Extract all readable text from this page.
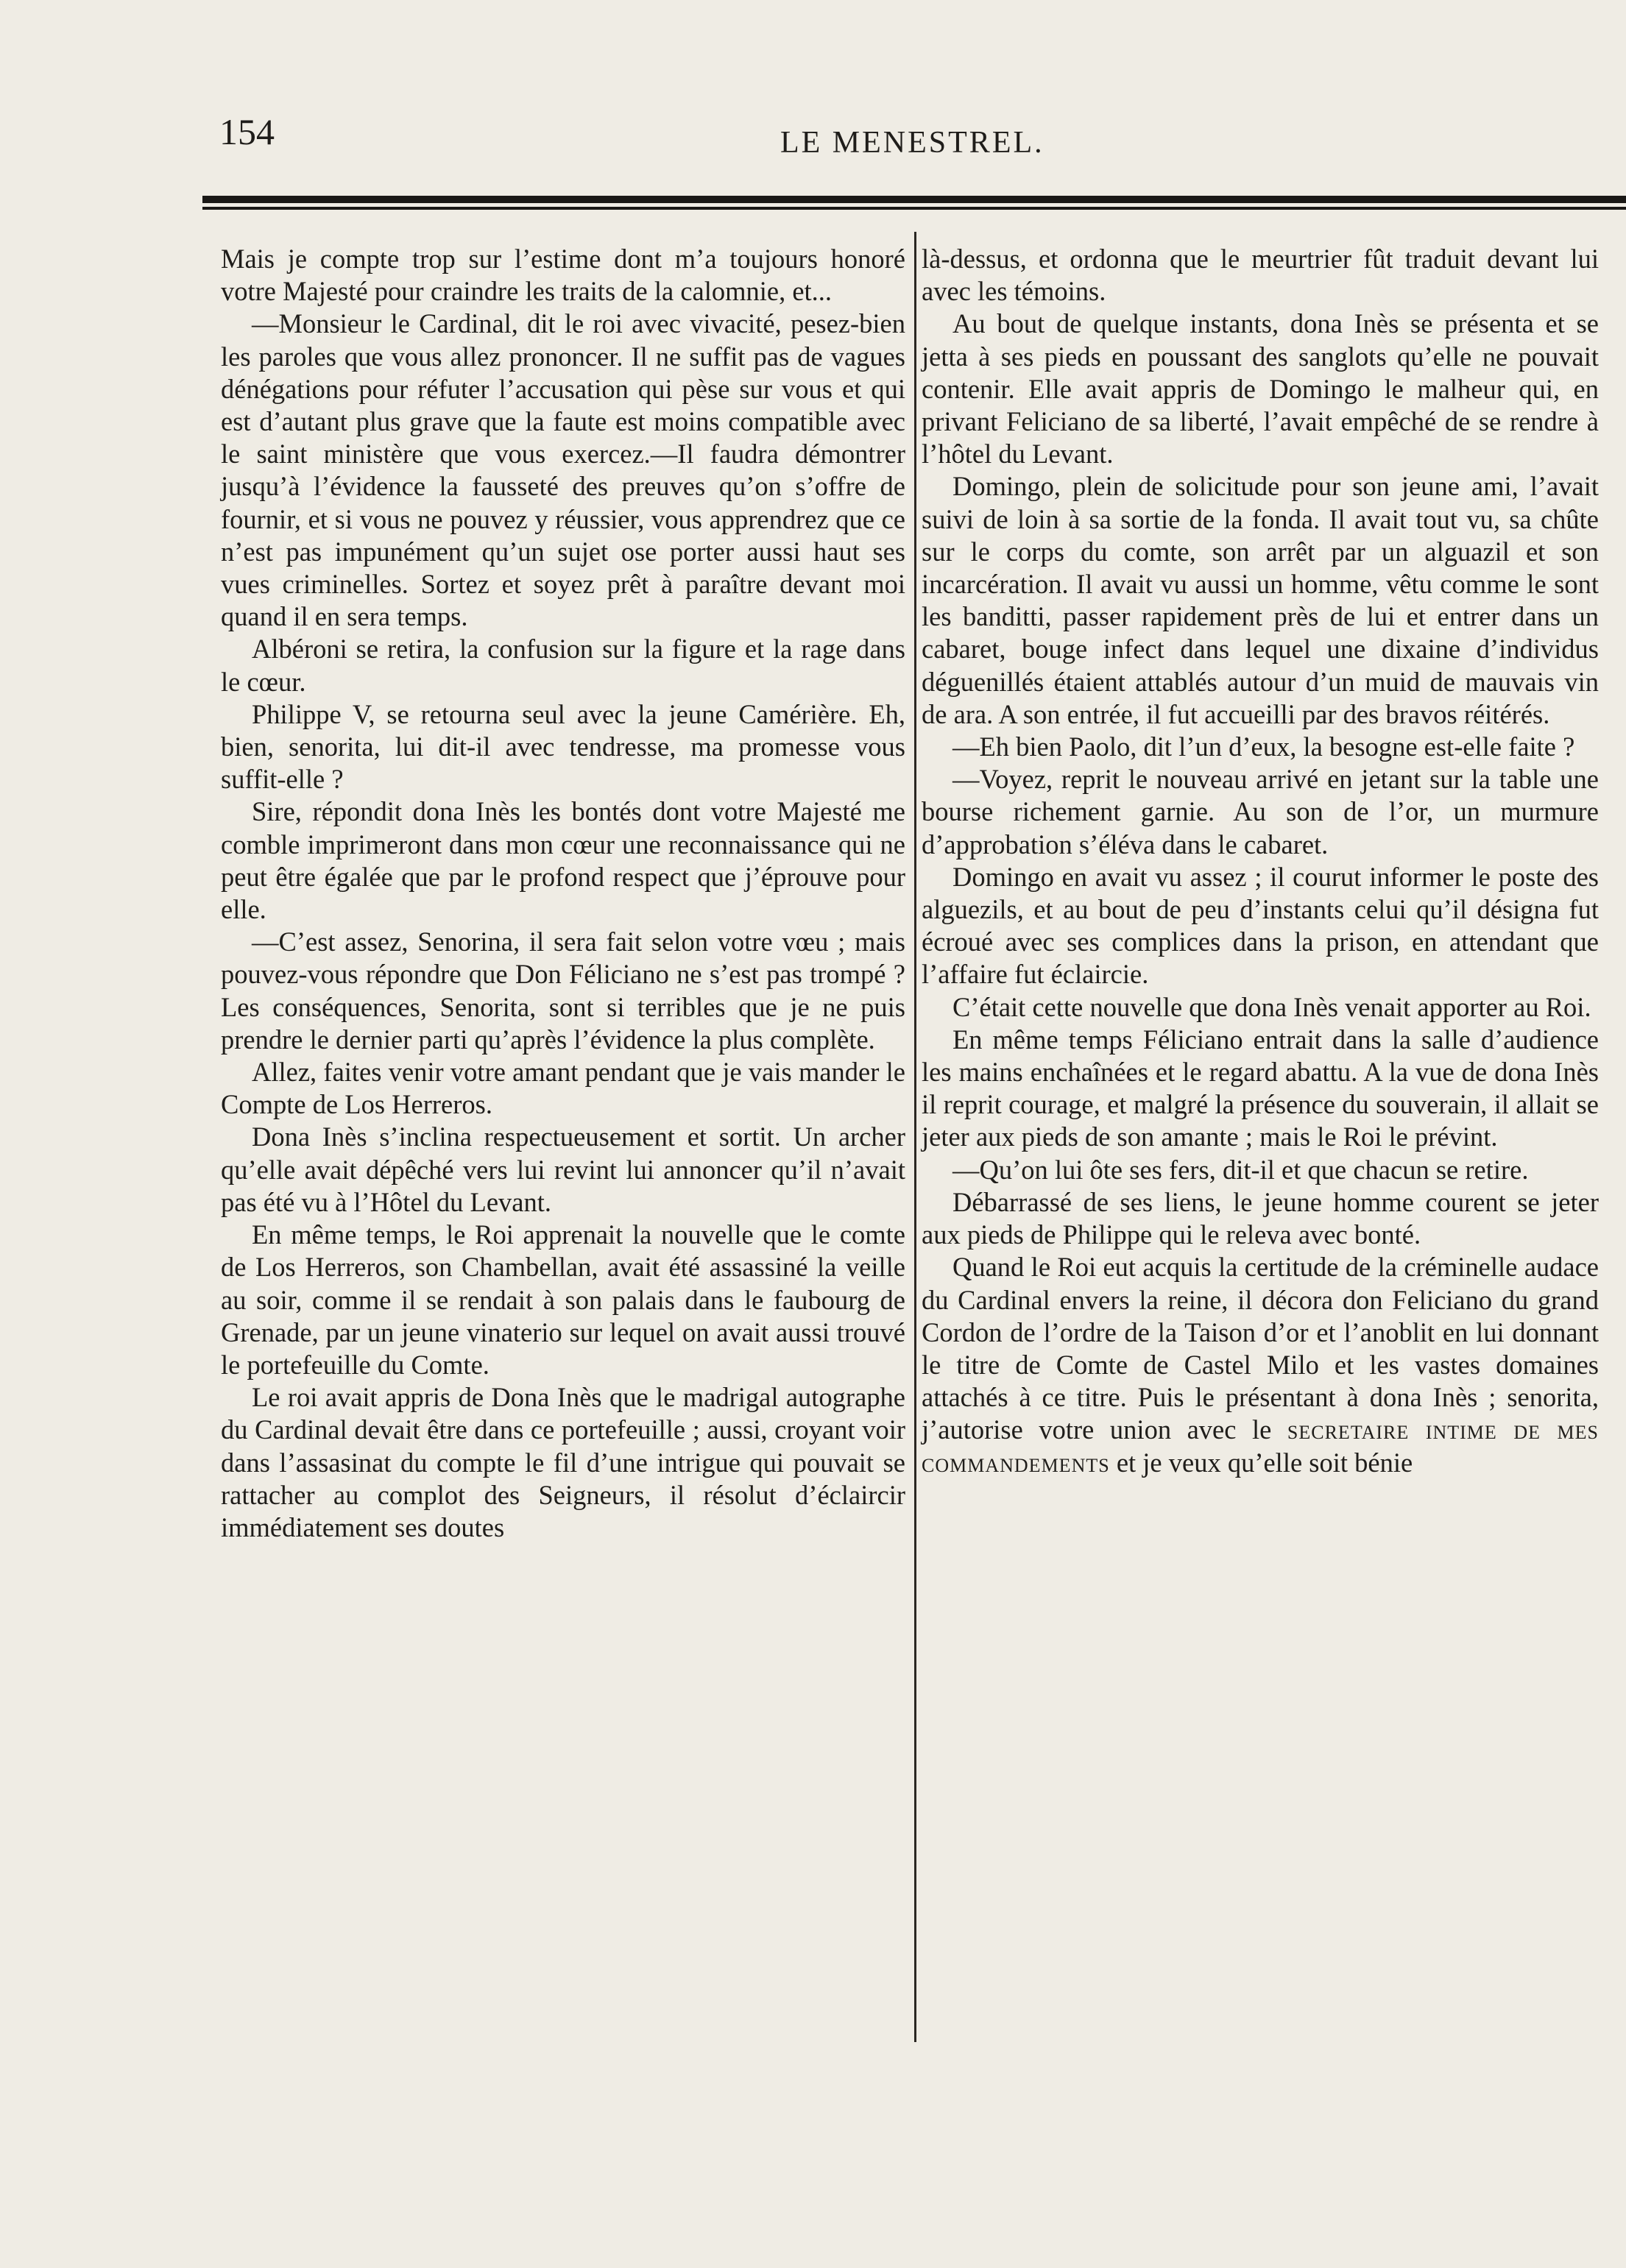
154	LE MENESTREL.

Mais je compte trop sur l’estime dont m’a toujours honoré votre Majesté pour craindre les traits de la calomnie, et...

—Monsieur le Cardinal, dit le roi avec vivacité, pesez-bien les paroles que vous allez prononcer. Il ne suffit pas de vagues dénégations pour réfuter l’accusation qui pèse sur vous et qui est d’autant plus grave que la faute est moins compatible avec le saint ministère que vous exercez.—Il faudra démontrer jusqu’à l’évidence la fausseté des preuves qu’on s’offre de fournir, et si vous ne pouvez y réussier, vous apprendrez que ce n’est pas impunément qu’un sujet ose porter aussi haut ses vues criminelles. Sortez et soyez prêt à paraître devant moi quand il en sera temps.

Albéroni se retira, la confusion sur la figure et la rage dans le cœur.

Philippe V, se retourna seul avec la jeune Camérière. Eh, bien, senorita, lui dit-il avec tendresse, ma promesse vous suffit-elle ?

Sire, répondit dona Inès les bontés dont votre Majesté me comble imprimeront dans mon cœur une reconnaissance qui ne peut être égalée que par le profond respect que j’éprouve pour elle.

—C’est assez, Senorina, il sera fait selon votre vœu ; mais pouvez-vous répondre que Don Féliciano ne s’est pas trompé ? Les conséquences, Senorita, sont si terribles que je ne puis prendre le dernier parti qu’après l’évidence la plus complète.

Allez, faites venir votre amant pendant que je vais mander le Compte de Los Herreros.

Dona Inès s’inclina respectueusement et sortit. Un archer qu’elle avait dépêché vers lui revint lui annoncer qu’il n’avait pas été vu à l’Hôtel du Levant.

En même temps, le Roi apprenait la nouvelle que le comte de Los Herreros, son Chambellan, avait été assassiné la veille au soir, comme il se rendait à son palais dans le faubourg de Grenade, par un jeune vinaterio sur lequel on avait aussi trouvé le portefeuille du Comte.

Le roi avait appris de Dona Inès que le madrigal autographe du Cardinal devait être dans ce portefeuille ; aussi, croyant voir dans l’assasinat du compte le fil d’une intrigue qui pouvait se rattacher au complot des Seigneurs, il résolut d’éclaircir immédiatement ses doutes

là-dessus, et ordonna que le meurtrier fût traduit devant lui avec les témoins.

Au bout de quelque instants, dona Inès se présenta et se jetta à ses pieds en poussant des sanglots qu’elle ne pouvait contenir. Elle avait appris de Domingo le malheur qui, en privant Feliciano de sa liberté, l’avait empêché de se rendre à l’hôtel du Levant.

Domingo, plein de solicitude pour son jeune ami, l’avait suivi de loin à sa sortie de la fonda. Il avait tout vu, sa chûte sur le corps du comte, son arrêt par un alguazil et son incarcération. Il avait vu aussi un homme, vêtu comme le sont les banditti, passer rapidement près de lui et entrer dans un cabaret, bouge infect dans lequel une dixaine d’individus déguenillés étaient attablés autour d’un muid de mauvais vin de ara. A son entrée, il fut accueilli par des bravos réitérés.

—Eh bien Paolo, dit l’un d’eux, la besogne est-elle faite ?

—Voyez, reprit le nouveau arrivé en jetant sur la table une bourse richement garnie. Au son de l’or, un murmure d’approbation s’éléva dans le cabaret.

Domingo en avait vu assez ; il courut informer le poste des alguezils, et au bout de peu d’instants celui qu’il désigna fut écroué avec ses complices dans la prison, en attendant que l’affaire fut éclaircie.

C’était cette nouvelle que dona Inès venait apporter au Roi.

En même temps Féliciano entrait dans la salle d’audience les mains enchaînées et le regard abattu. A la vue de dona Inès il reprit courage, et malgré la présence du souverain, il allait se jeter aux pieds de son amante ; mais le Roi le prévint.

—Qu’on lui ôte ses fers, dit-il et que chacun se retire.

Débarrassé de ses liens, le jeune homme courent se jeter aux pieds de Philippe qui le releva avec bonté.

Quand le Roi eut acquis la certitude de la créminelle audace du Cardinal envers la reine, il décora don Feliciano du grand Cordon de l’ordre de la Taison d’or et l’anoblit en lui donnant le titre de Comte de Castel Milo et les vastes domaines attachés à ce titre. Puis le présentant à dona Inès ; senorita, j’autorise votre union avec le secretaire intime de mes commandements et je veux qu’elle soit bénie
